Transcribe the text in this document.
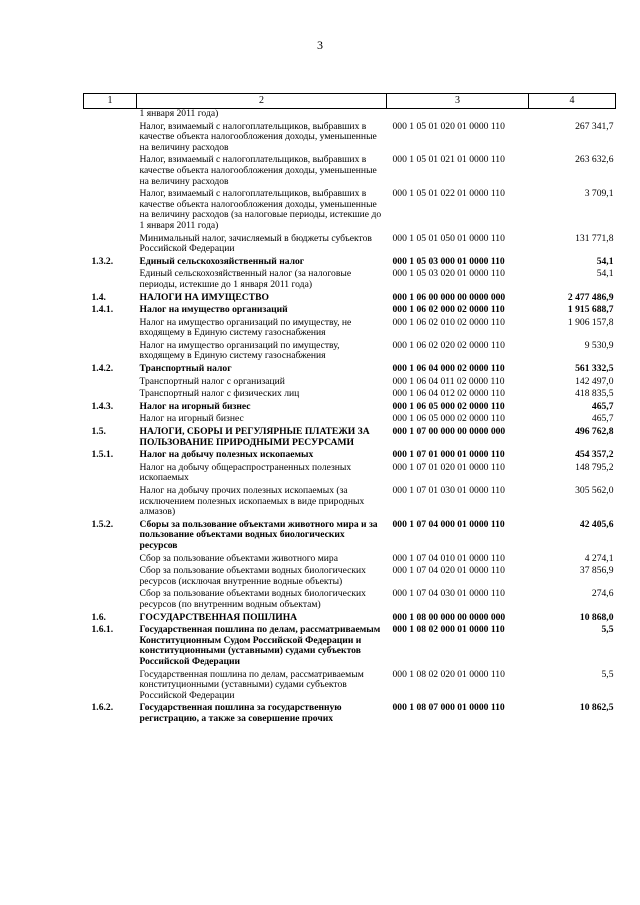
3
1	2	3	4
	1 января 2011 года)		
	Налог, взимаемый с налогоплательщиков, выбравших в качестве объекта налогообложения доходы, уменьшенные на величину расходов	000 1 05 01 020 01 0000 110	267 341,7
	Налог, взимаемый с налогоплательщиков, выбравших в качестве объекта налогообложения доходы, уменьшенные на величину расходов	000 1 05 01 021 01 0000 110	263 632,6
	Налог, взимаемый с налогоплательщиков, выбравших в качестве объекта налогообложения доходы, уменьшенные на величину расходов (за налоговые периоды, истекшие до 1 января 2011 года)	000 1 05 01 022 01 0000 110	3 709,1
	Минимальный налог, зачисляемый в бюджеты субъектов Российской Федерации	000 1 05 01 050 01 0000 110	131 771,8
1.3.2.	Единый сельскохозяйственный налог	000 1 05 03 000 01 0000 110	54,1
	Единый сельскохозяйственный налог (за налоговые периоды, истекшие до 1 января 2011 года)	000 1 05 03 020 01 0000 110	54,1
1.4.	НАЛОГИ НА ИМУЩЕСТВО	000 1 06 00 000 00 0000 000	2 477 486,9
1.4.1.	Налог на имущество организаций	000 1 06 02 000 02 0000 110	1 915 688,7
	Налог на имущество организаций по имуществу, не входящему в Единую систему газоснабжения	000 1 06 02 010 02 0000 110	1 906 157,8
	Налог на имущество организаций по имуществу, входящему в Единую систему газоснабжения	000 1 06 02 020 02 0000 110	9 530,9
1.4.2.	Транспортный налог	000 1 06 04 000 02 0000 110	561 332,5
	Транспортный налог с организаций	000 1 06 04 011 02 0000 110	142 497,0
	Транспортный налог с физических лиц	000 1 06 04 012 02 0000 110	418 835,5
1.4.3.	Налог на игорный бизнес	000 1 06 05 000 02 0000 110	465,7
	Налог на игорный бизнес	000 1 06 05 000 02 0000 110	465,7
1.5.	НАЛОГИ, СБОРЫ И РЕГУЛЯРНЫЕ ПЛАТЕЖИ ЗА ПОЛЬЗОВАНИЕ ПРИРОДНЫМИ РЕСУРСАМИ	000 1 07 00 000 00 0000 000	496 762,8
1.5.1.	Налог на добычу полезных ископаемых	000 1 07 01 000 01 0000 110	454 357,2
	Налог на добычу общераспространенных полезных ископаемых	000 1 07 01 020 01 0000 110	148 795,2
	Налог на добычу прочих полезных ископаемых (за исключением полезных ископаемых в виде природных алмазов)	000 1 07 01 030 01 0000 110	305 562,0
1.5.2.	Сборы за пользование объектами животного мира и за пользование объектами водных биологических ресурсов	000 1 07 04 000 01 0000 110	42 405,6
	Сбор за пользование объектами животного мира	000 1 07 04 010 01 0000 110	4 274,1
	Сбор за пользование объектами водных биологических ресурсов (исключая внутренние водные объекты)	000 1 07 04 020 01 0000 110	37 856,9
	Сбор за пользование объектами водных биологических ресурсов (по внутренним водным объектам)	000 1 07 04 030 01 0000 110	274,6
1.6.	ГОСУДАРСТВЕННАЯ ПОШЛИНА	000 1 08 00 000 00 0000 000	10 868,0
1.6.1.	Государственная пошлина по делам, рассматриваемым Конституционным Судом Российской Федерации и конституционными (уставными) судами субъектов Российской Федерации	000 1 08 02 000 01 0000 110	5,5
	Государственная пошлина по делам, рассматриваемым конституционными (уставными) судами субъектов Российской Федерации	000 1 08 02 020 01 0000 110	5,5
1.6.2.	Государственная пошлина за государственную регистрацию, а также за совершение прочих	000 1 08 07 000 01 0000 110	10 862,5
